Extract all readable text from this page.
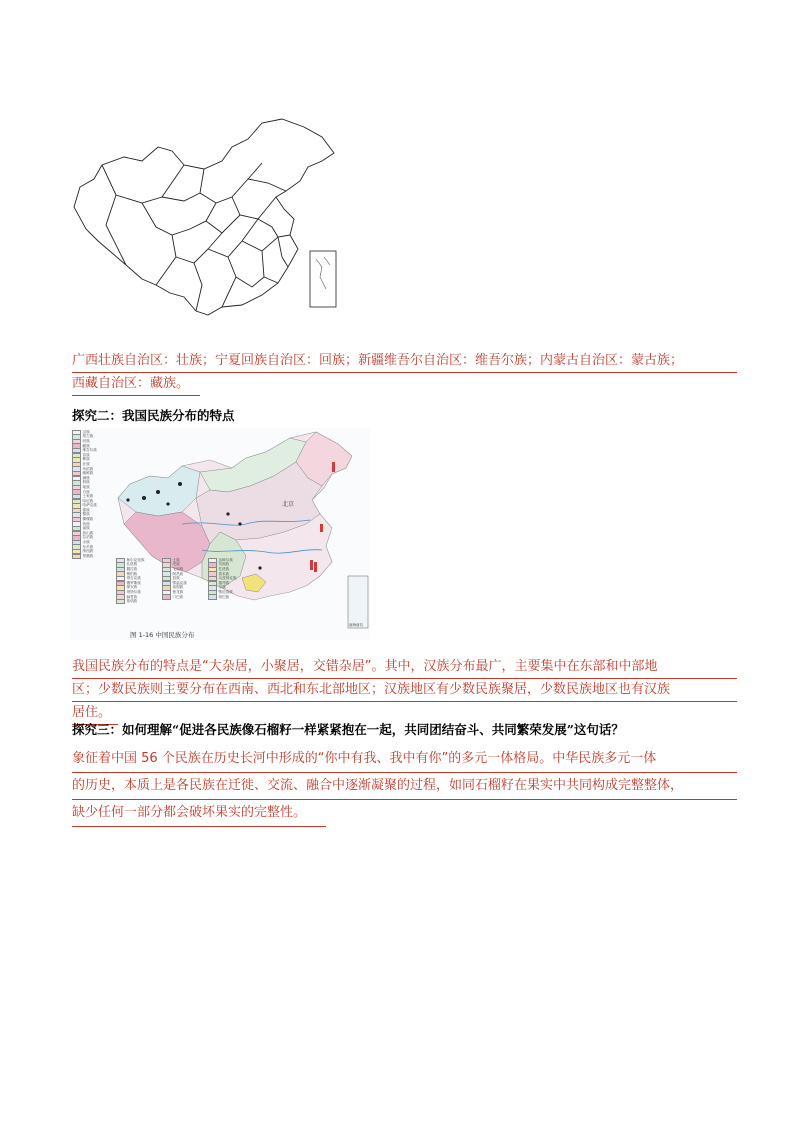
广西壮族自治区：壮族；宁夏回族自治区：回族；新疆维吾尔自治区：维吾尔族；内蒙古自治区：蒙古族；
西藏自治区：藏族。
探究二：我国民族分布的特点
北京
南海诸岛
汉族
蒙古族
回族
藏族
维吾尔族
苗族
彝族
壮族
布依族
朝鲜族
满族
侗族
瑶族
白族
土家族
哈尼族
哈萨克族
傣族
黎族
傈僳族
佤族
畲族
高山族
拉祜族
水族
东乡族
纳西族
景颇族
柯尔克孜族	土族	达斡尔族
仫佬族	羌族	布朗族
撒拉族	毛南族	仡佬族
锡伯族	阿昌族	普米族
塔吉克族	怒族	乌孜别克族
俄罗斯族	鄂温克族	德昂族
保安族	裕固族	京族
塔塔尔族	独龙族	鄂伦春族
赫哲族	门巴族	珞巴族
基诺族
图 1-16 中国民族分布
我国民族分布的特点是“大杂居，小聚居，交错杂居”。其中，汉族分布最广，主要集中在东部和中部地
区；少数民族则主要分布在西南、西北和东北部地区；汉族地区有少数民族聚居，少数民族地区也有汉族
居住。
探究三：如何理解“促进各民族像石榴籽一样紧紧抱在一起，共同团结奋斗、共同繁荣发展”这句话？
象征着中国 56 个民族在历史长河中形成的“你中有我、我中有你”的多元一体格局。中华民族多元一体
的历史，本质上是各民族在迁徙、交流、融合中逐渐凝聚的过程，如同石榴籽在果实中共同构成完整整体，
缺少任何一部分都会破坏果实的完整性。
